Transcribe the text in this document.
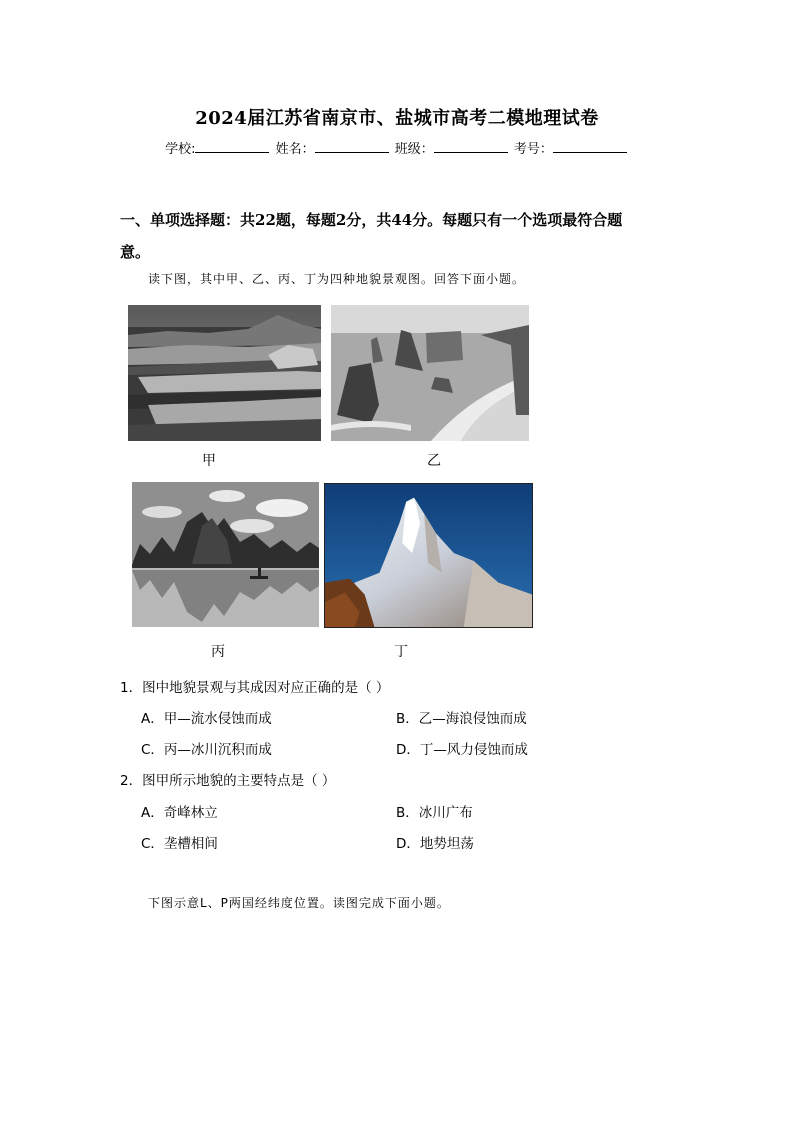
2024届江苏省南京市、盐城市高考二模地理试卷
学校:	姓名：	班级：	考号：
一、单项选择题：共22题，每题2分，共44分。每题只有一个选项最符合题
意。
读下图，其中甲、乙、丙、丁为四种地貌景观图。回答下面小题。
甲	乙
丙	丁
1．图中地貌景观与其成因对应正确的是（ ）
A．甲—流水侵蚀而成	B．乙—海浪侵蚀而成
C．丙—冰川沉积而成	D．丁—风力侵蚀而成
2．图甲所示地貌的主要特点是（ ）
A．奇峰林立	B．冰川广布
C．垄槽相间	D．地势坦荡
下图示意L、P两国经纬度位置。读图完成下面小题。
